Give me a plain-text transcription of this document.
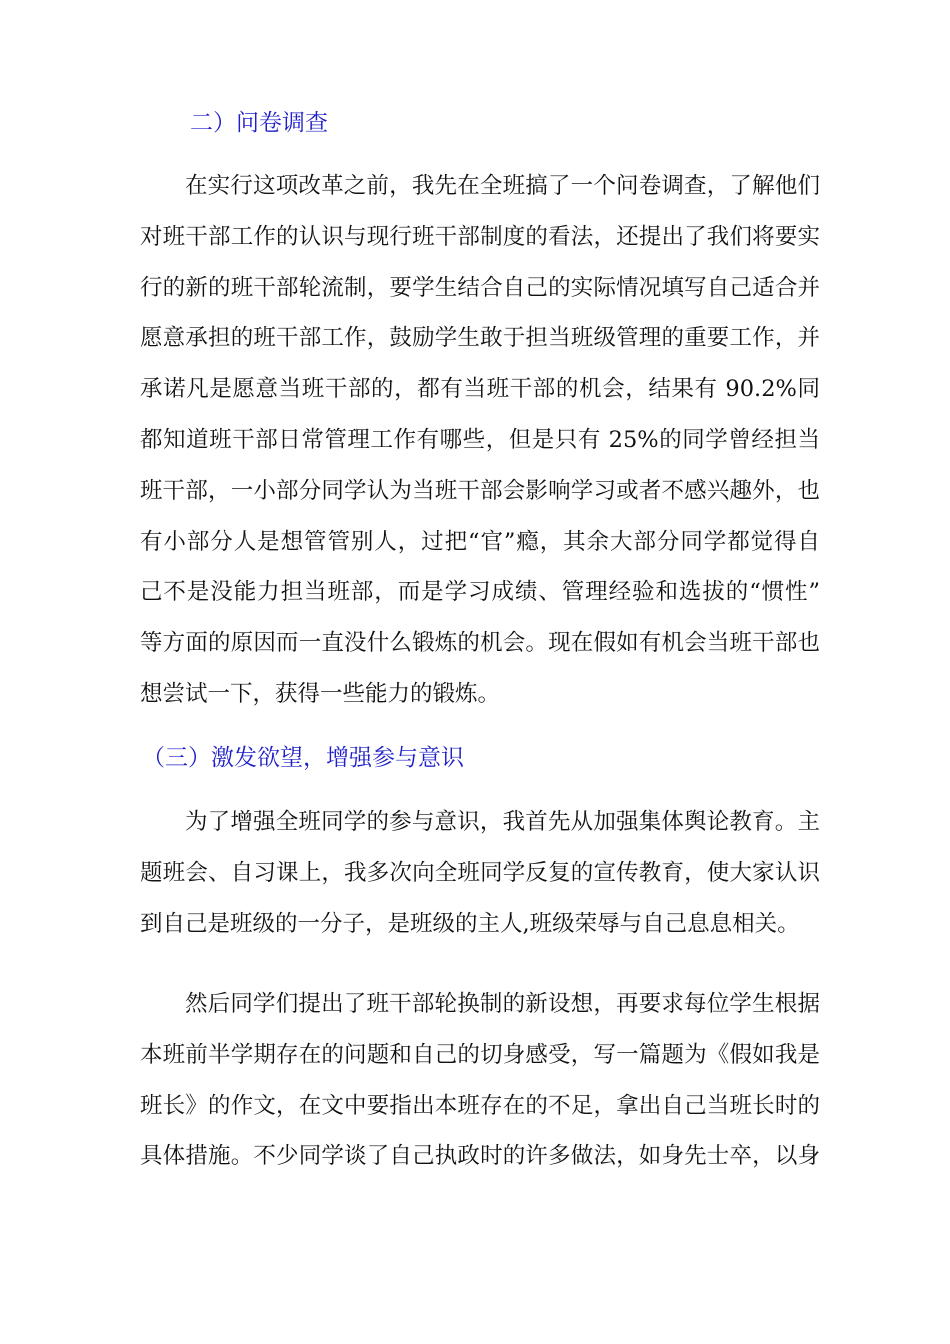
二）问卷调查
在实行这项改革之前，我先在全班搞了一个问卷调查，了解他们
对班干部工作的认识与现行班干部制度的看法，还提出了我们将要实
行的新的班干部轮流制，要学生结合自己的实际情况填写自己适合并
愿意承担的班干部工作，鼓励学生敢于担当班级管理的重要工作，并
承诺凡是愿意当班干部的，都有当班干部的机会，结果有 90.2%同
都知道班干部日常管理工作有哪些，但是只有 25%的同学曾经担当
班干部，一小部分同学认为当班干部会影响学习或者不感兴趣外，也
有小部分人是想管管别人，过把“官”瘾，其余大部分同学都觉得自
己不是没能力担当班部，而是学习成绩、管理经验和选拔的“惯性”
等方面的原因而一直没什么锻炼的机会。现在假如有机会当班干部也
想尝试一下，获得一些能力的锻炼。
（三）激发欲望，增强参与意识
为了增强全班同学的参与意识，我首先从加强集体舆论教育。主
题班会、自习课上，我多次向全班同学反复的宣传教育，使大家认识
到自己是班级的一分子，是班级的主人,班级荣辱与自己息息相关。
然后同学们提出了班干部轮换制的新设想，再要求每位学生根据
本班前半学期存在的问题和自己的切身感受，写一篇题为《假如我是
班长》的作文，在文中要指出本班存在的不足，拿出自己当班长时的
具体措施。不少同学谈了自己执政时的许多做法，如身先士卒，以身
